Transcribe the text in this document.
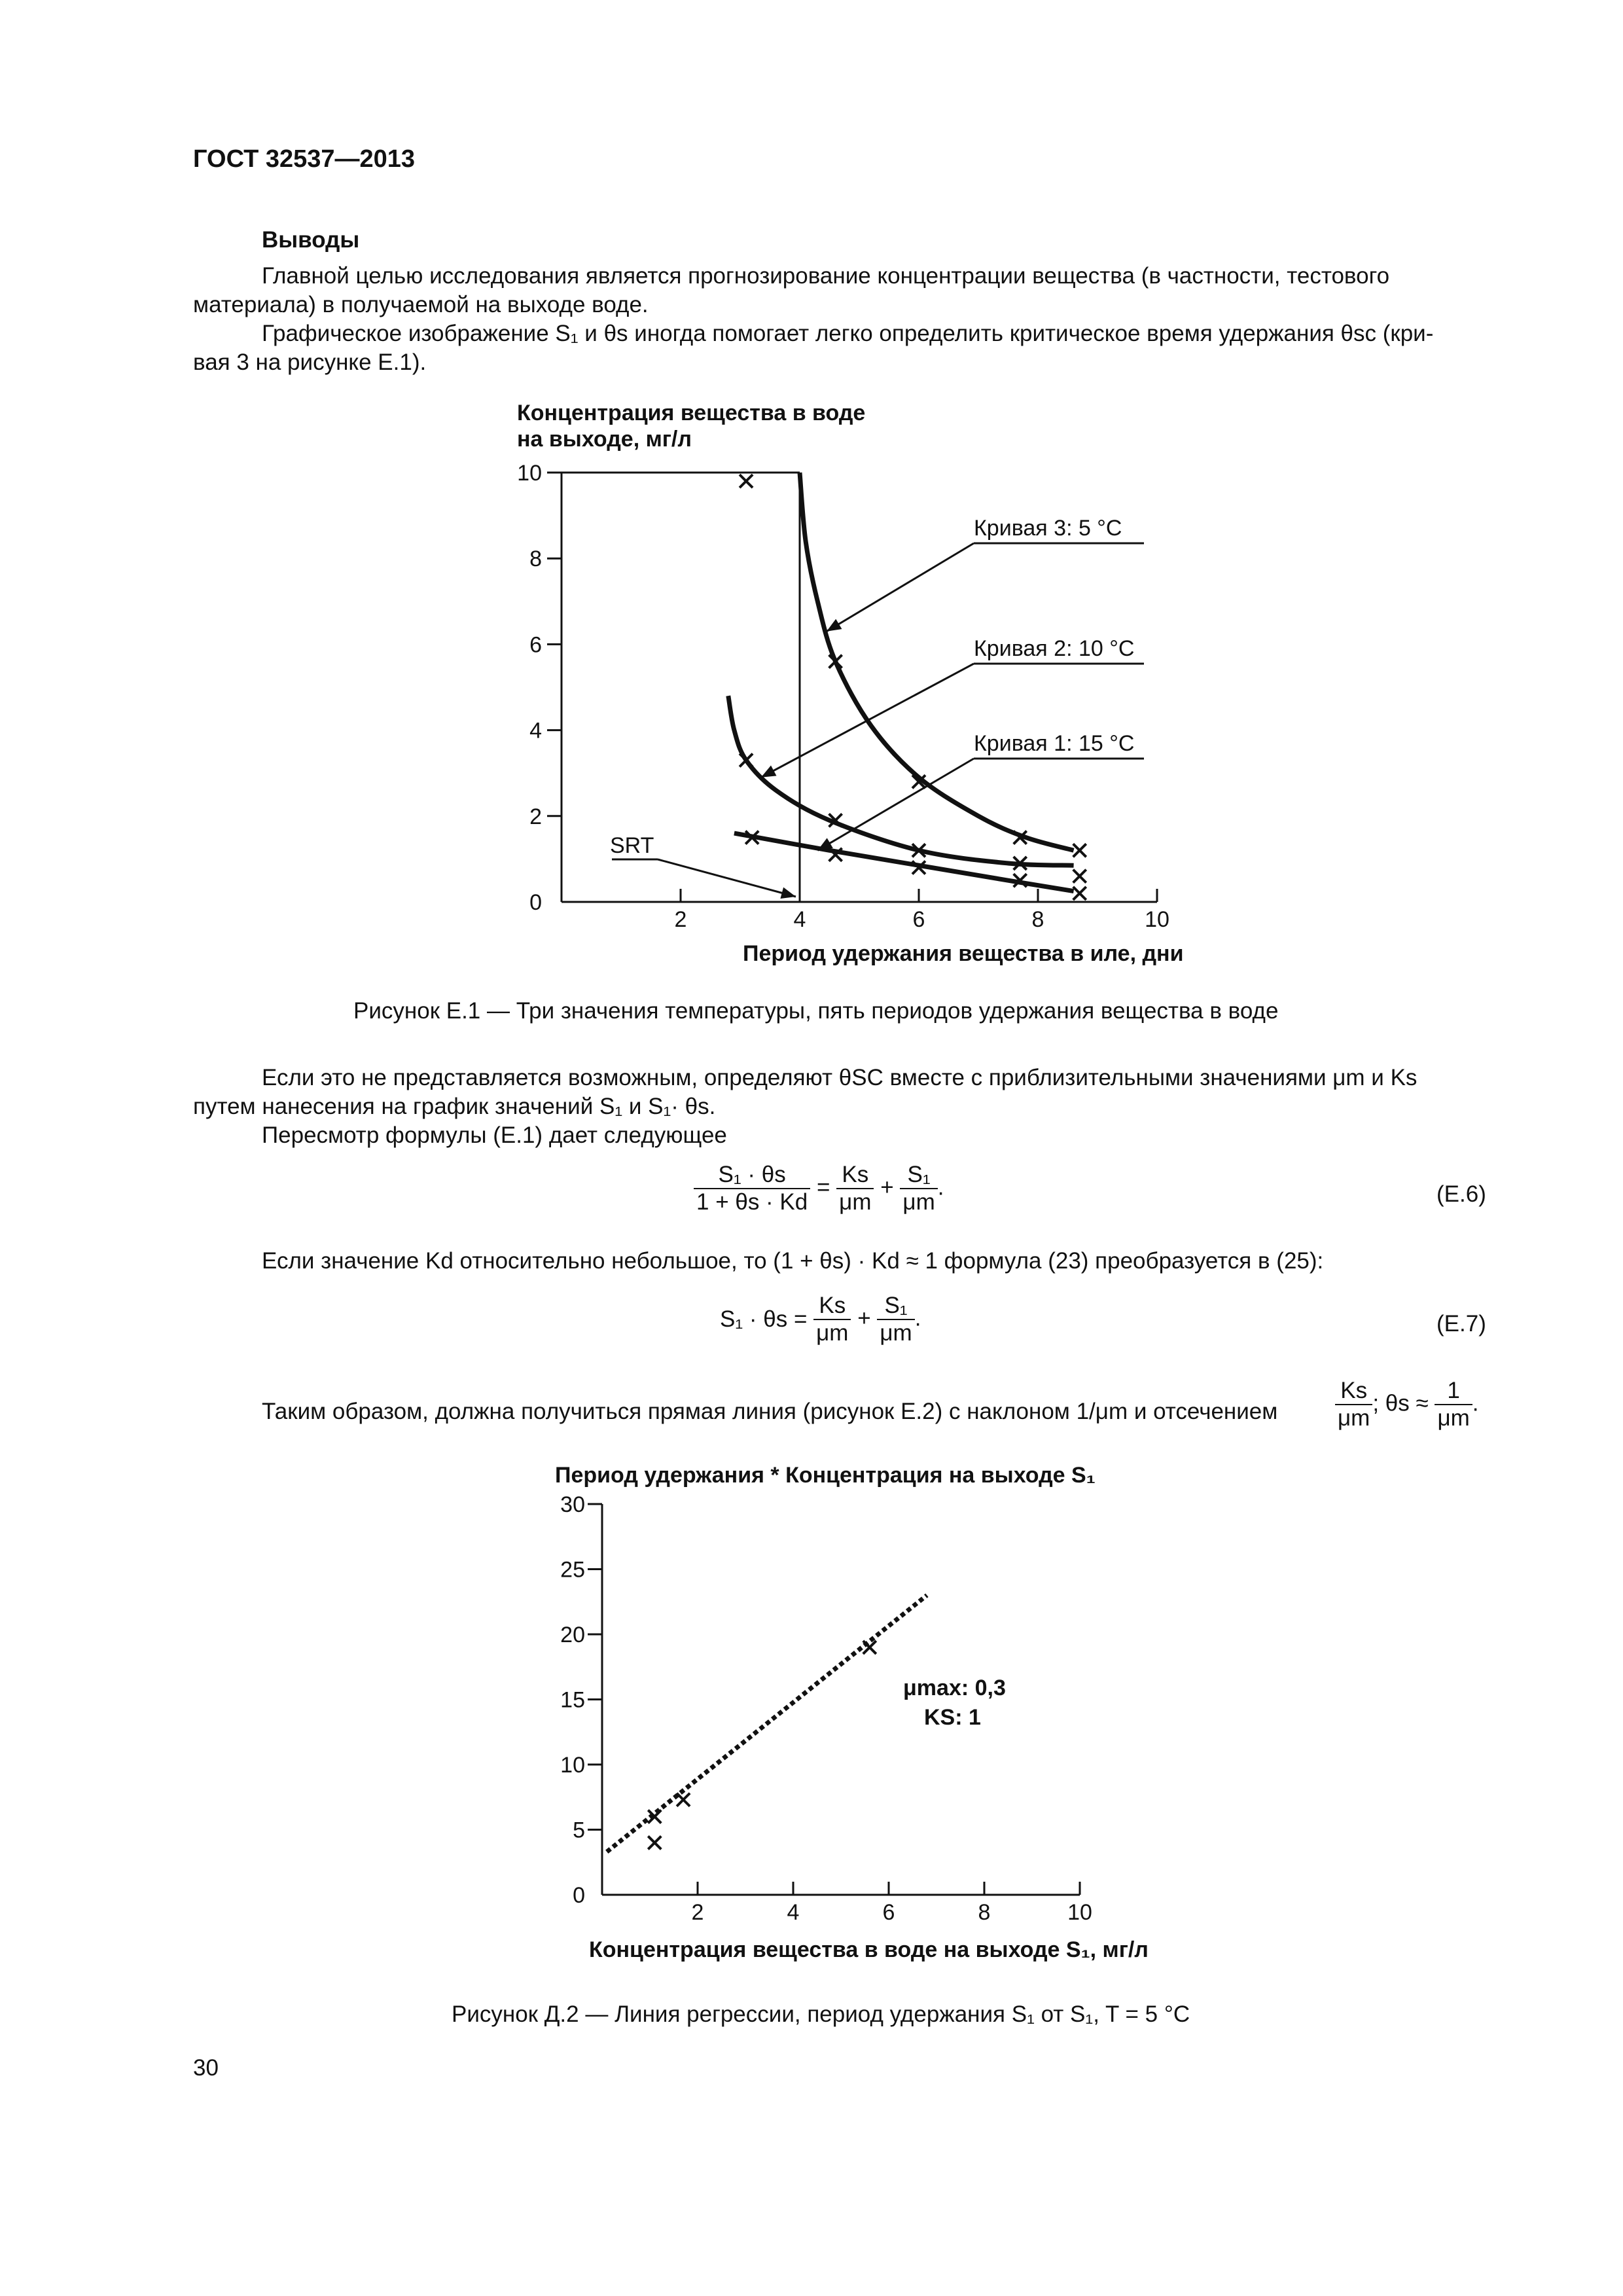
ГОСТ 32537—2013
Выводы
Главной целью исследования является прогнозирование концентрации вещества (в частности, тестового
материала) в получаемой на выходе воде.
Графическое изображение S₁ и θs иногда помогает легко определить критическое время удержания θsc (кри-
вая 3 на рисунке Е.1).
Концентрация вещества в воде
на выходе, мг/л
0
2
4
6
8
10
2	4	6	8	10
Период удержания вещества в иле, дни
Кривая 3: 5 °С
Кривая 2: 10 °С
Кривая 1: 15 °С
SRT
Рисунок Е.1 — Три значения температуры, пять периодов удержания вещества в воде
Если это не представляется возможным, определяют θSC вместе с приблизительными значениями μm и Ks
путем нанесения на график значений S₁ и S₁· θs.
Пересмотр формулы (Е.1) дает следующее
$\frac{\text{S₁ · θs}}{1 + \theta s \cdot Kd} = \frac{Ks}{\mu m} + \frac{\text{S₁}}{\mu m}$ .	(Е.6)
Если значение Kd относительно небольшое, то (1 + θs) · Kd ≈ 1 формула (23) преобразуется в (25):
$S_1 \cdot \theta s = \frac{Ks}{\mu m} + \frac{\text{S₁}}{\mu m}$ .	(Е.7)
Таким образом, должна получиться прямая линия (рисунок Е.2) с наклоном 1/μm и отсечением	$\frac{Ks}{\mu m}$ ; $\theta s \approx \frac{1}{\mu m}$ .
Период удержания * Концентрация на выходе S₁
0
5
10
15
20
25
30
2	4	6	8	10
Концентрация вещества в воде на выходе S₁, мг/л
μmax: 0,3
KS: 1
Рисунок Д.2 — Линия регрессии, период удержания S₁ от S₁, T = 5 °С
30
